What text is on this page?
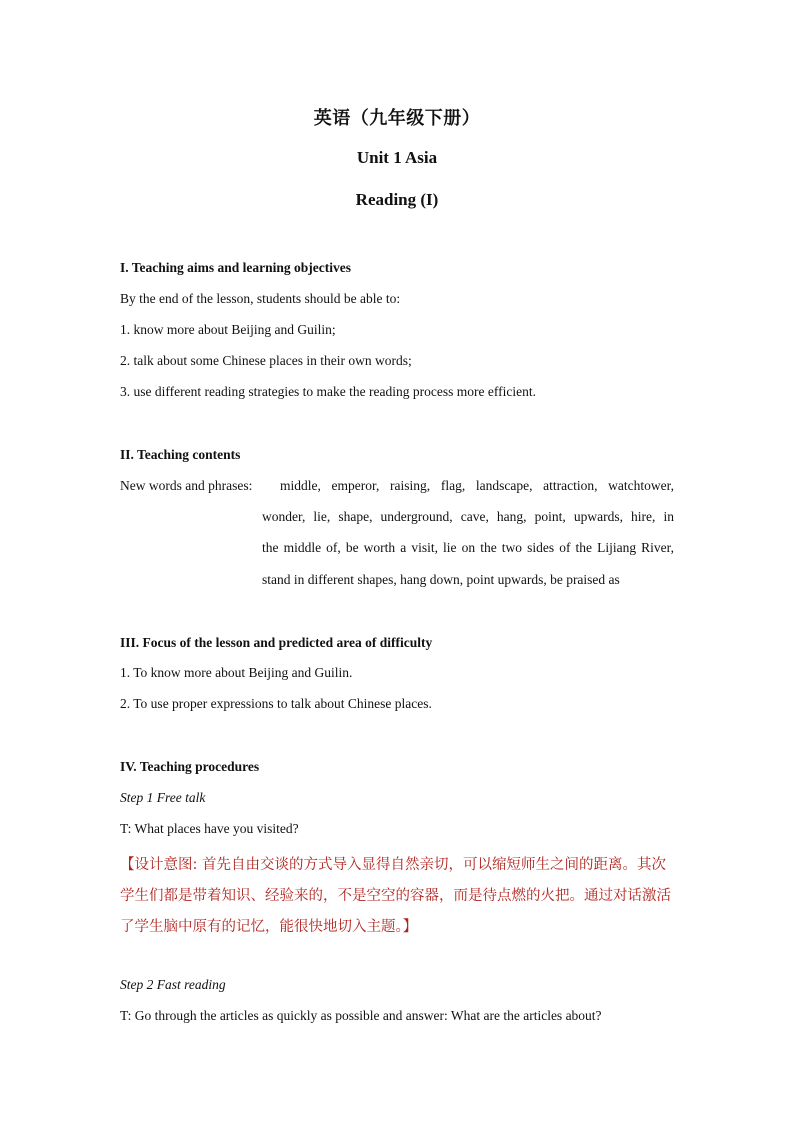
英语（九年级下册）
Unit 1 Asia
Reading (I)
I. Teaching aims and learning objectives
By the end of the lesson, students should be able to:
1. know more about Beijing and Guilin;
2. talk about some Chinese places in their own words;
3. use different reading strategies to make the reading process more efficient.
II. Teaching contents
New words and phrases: middle, emperor, raising, flag, landscape, attraction, watchtower,
wonder, lie, shape, underground, cave, hang, point, upwards, hire, in
the middle of, be worth a visit, lie on the two sides of the Lijiang River,
stand in different shapes, hang down, point upwards, be praised as
III. Focus of the lesson and predicted area of difficulty
1. To know more about Beijing and Guilin.
2. To use proper expressions to talk about Chinese places.
IV. Teaching procedures
Step 1 Free talk
T: What places have you visited?
【设计意图: 首先自由交谈的方式导入显得自然亲切，可以缩短师生之间的距离。其次学生们都是带着知识、经验来的，不是空空的容器，而是待点燃的火把。通过对话激活了学生脑中原有的记忆，能很快地切入主题。】
Step 2 Fast reading
T: Go through the articles as quickly as possible and answer: What are the articles about?
